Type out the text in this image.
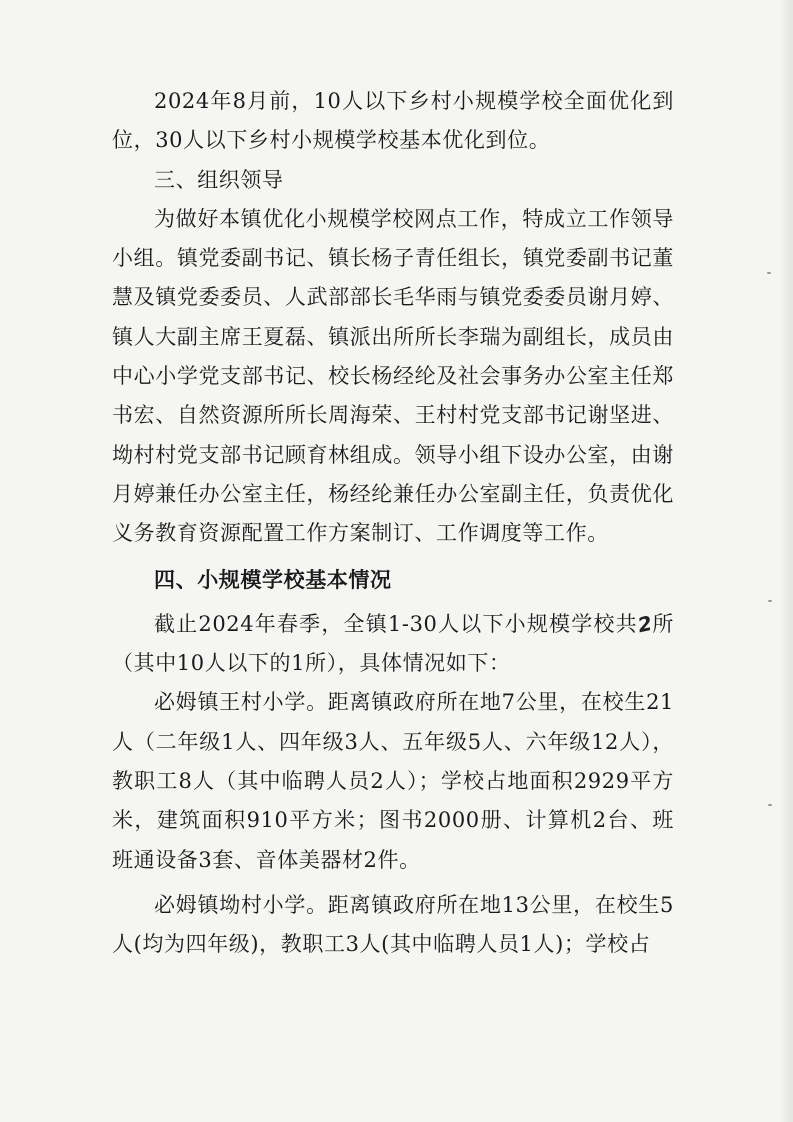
2024年8月前，10人以下乡村小规模学校全面优化到位，30人以下乡村小规模学校基本优化到位。

三、组织领导

为做好本镇优化小规模学校网点工作，特成立工作领导小组。镇党委副书记、镇长杨子青任组长，镇党委副书记董慧及镇党委委员、人武部部长毛华雨与镇党委委员谢月婷、镇人大副主席王夏磊、镇派出所所长李瑞为副组长，成员由中心小学党支部书记、校长杨经纶及社会事务办公室主任郑书宏、自然资源所所长周海荣、王村村党支部书记谢坚进、坳村村党支部书记顾育林组成。领导小组下设办公室，由谢月婷兼任办公室主任，杨经纶兼任办公室副主任，负责优化义务教育资源配置工作方案制订、工作调度等工作。

四、小规模学校基本情况

截止2024年春季，全镇1-30人以下小规模学校共2所（其中10人以下的1所），具体情况如下：

必姆镇王村小学。距离镇政府所在地7公里，在校生21人（二年级1人、四年级3人、五年级5人、六年级12人），教职工8人（其中临聘人员2人）；学校占地面积2929平方米，建筑面积910平方米；图书2000册、计算机2台、班班通设备3套、音体美器材2件。

必姆镇坳村小学。距离镇政府所在地13公里，在校生5人(均为四年级)，教职工3人(其中临聘人员1人)；学校占
